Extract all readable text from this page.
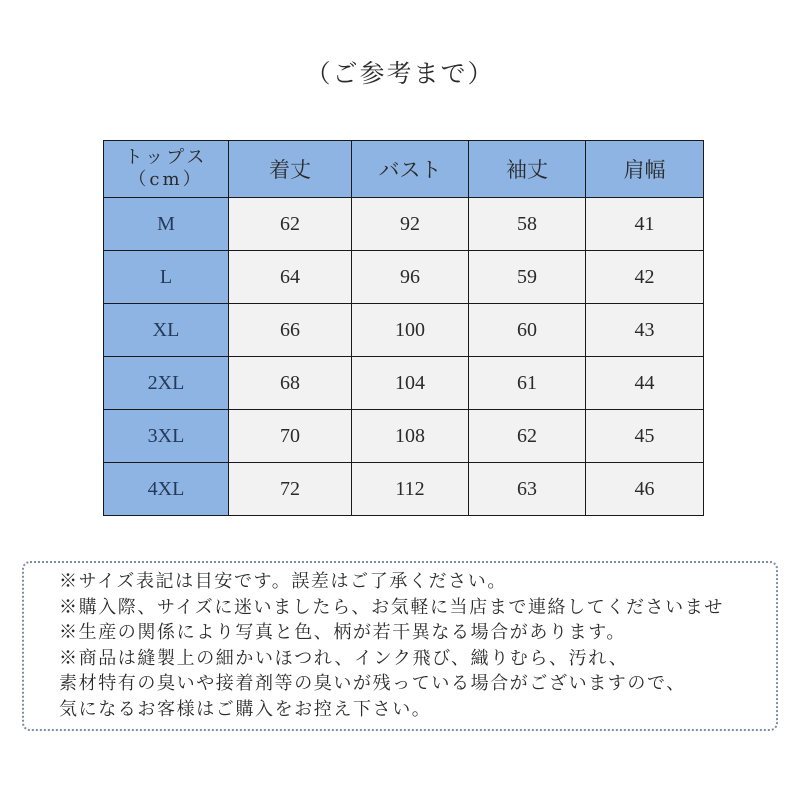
（ご参考まで）
トップス
（cm）	着丈	バスト	袖丈	肩幅
M	62	92	58	41
L	64	96	59	42
XL	66	100	60	43
2XL	68	104	61	44
3XL	70	108	62	45
4XL	72	112	63	46
※サイズ表記は目安です。誤差はご了承ください。
※購入際、サイズに迷いましたら、お気軽に当店まで連絡してくださいませ
※生産の関係により写真と色、柄が若干異なる場合があります。
※商品は縫製上の細かいほつれ、インク飛び、織りむら、汚れ、
素材特有の臭いや接着剤等の臭いが残っている場合がございますので、
気になるお客様はご購入をお控え下さい。
